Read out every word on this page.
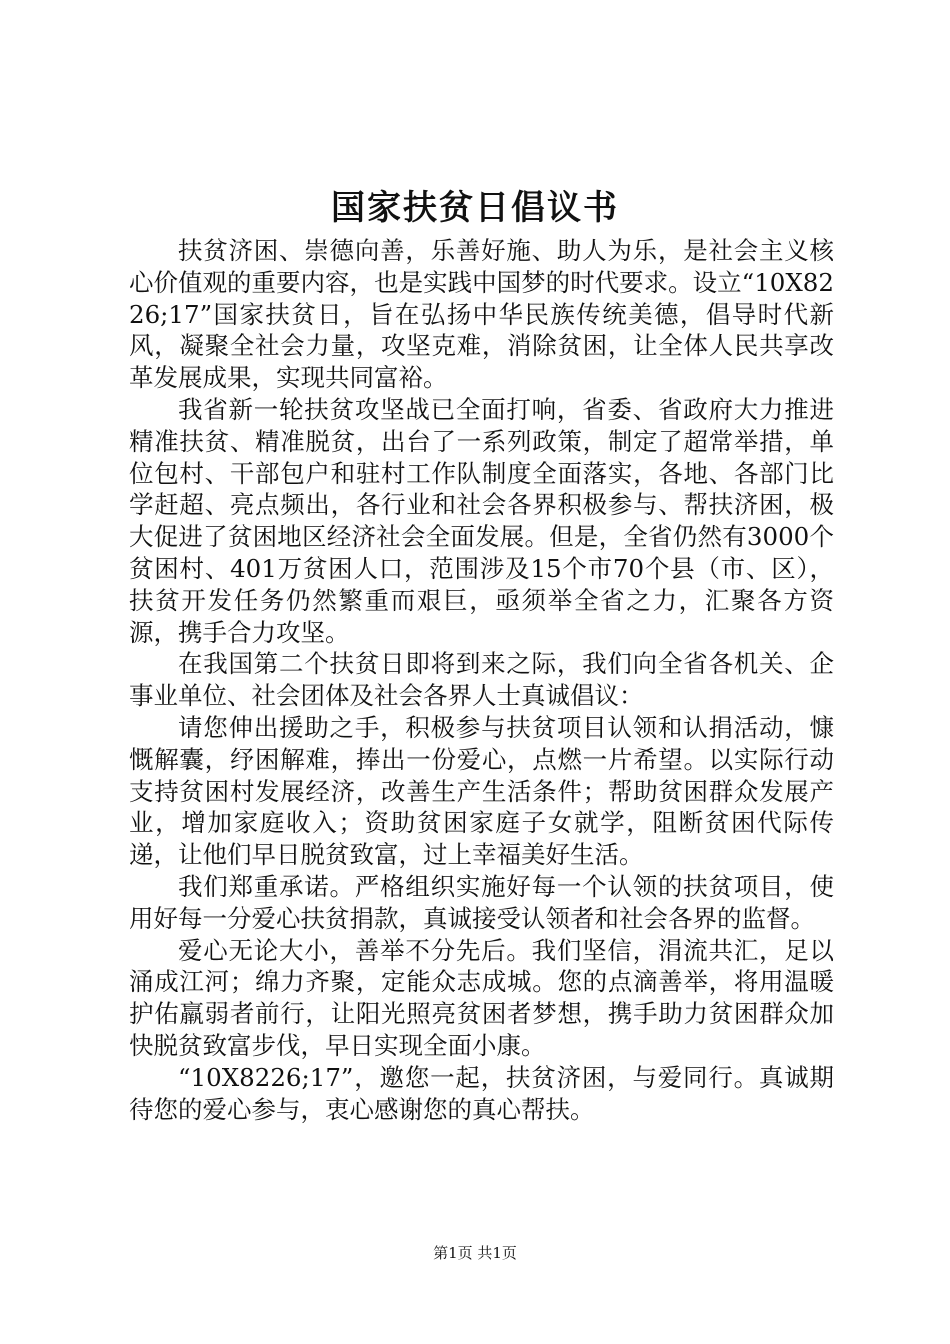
国家扶贫日倡议书

扶贫济困、崇德向善，乐善好施、助人为乐，是社会主义核心价值观的重要内容，也是实践中国梦的时代要求。设立“10X8226;17”国家扶贫日，旨在弘扬中华民族传统美德，倡导时代新风，凝聚全社会力量，攻坚克难，消除贫困，让全体人民共享改革发展成果，实现共同富裕。

我省新一轮扶贫攻坚战已全面打响，省委、省政府大力推进精准扶贫、精准脱贫，出台了一系列政策，制定了超常举措，单位包村、干部包户和驻村工作队制度全面落实，各地、各部门比学赶超、亮点频出，各行业和社会各界积极参与、帮扶济困，极大促进了贫困地区经济社会全面发展。但是，全省仍然有3000个贫困村、401万贫困人口，范围涉及15个市70个县（市、区），扶贫开发任务仍然繁重而艰巨，亟须举全省之力，汇聚各方资源，携手合力攻坚。

在我国第二个扶贫日即将到来之际，我们向全省各机关、企事业单位、社会团体及社会各界人士真诚倡议：

请您伸出援助之手，积极参与扶贫项目认领和认捐活动，慷慨解囊，纾困解难，捧出一份爱心，点燃一片希望。以实际行动支持贫困村发展经济，改善生产生活条件；帮助贫困群众发展产业，增加家庭收入；资助贫困家庭子女就学，阻断贫困代际传递，让他们早日脱贫致富，过上幸福美好生活。

我们郑重承诺。严格组织实施好每一个认领的扶贫项目，使用好每一分爱心扶贫捐款，真诚接受认领者和社会各界的监督。

爱心无论大小，善举不分先后。我们坚信，涓流共汇，足以涌成江河；绵力齐聚，定能众志成城。您的点滴善举，将用温暖护佑羸弱者前行，让阳光照亮贫困者梦想，携手助力贫困群众加快脱贫致富步伐，早日实现全面小康。

“10X8226;17”，邀您一起，扶贫济困，与爱同行。真诚期待您的爱心参与，衷心感谢您的真心帮扶。

第1页 共1页
